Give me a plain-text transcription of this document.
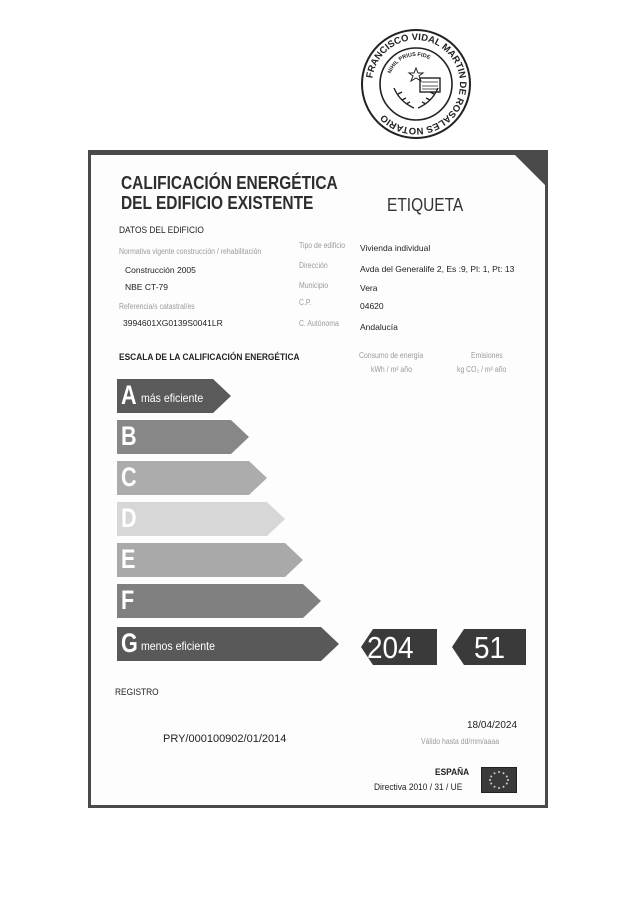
FRANCISCO VIDAL MARTIN DE ROSALES NOTARIO
NIHIL PRIUS FIDE
CALIFICACIÓN ENERGÉTICA
DEL EDIFICIO EXISTENTE	ETIQUETA
DATOS DEL EDIFICIO
Normativa vigente construcción / rehabilitación
Construcción 2005
NBE CT-79
Referencia/s catastral/es
3994601XG0139S0041LR
Tipo de edificio Vivienda individual
Dirección	Avda del Generalife 2, Es :9, Pl: 1, Pt: 13
Municipio	Vera
C.P.	04620
C. Autónoma Andalucía
ESCALA DE LA CALIFICACIÓN ENERGÉTICA	Consumo de energía
kWh / m² año
Emisiones
kg CO₂ / m² año
A más eficiente
B
C
D
E
F
G menos eficiente	204 51
REGISTRO
PRY/000100902/01/2014
18/04/2024
Válido hasta dd/mm/aaaa
ESPAÑA
Directiva 2010 / 31 / UE
